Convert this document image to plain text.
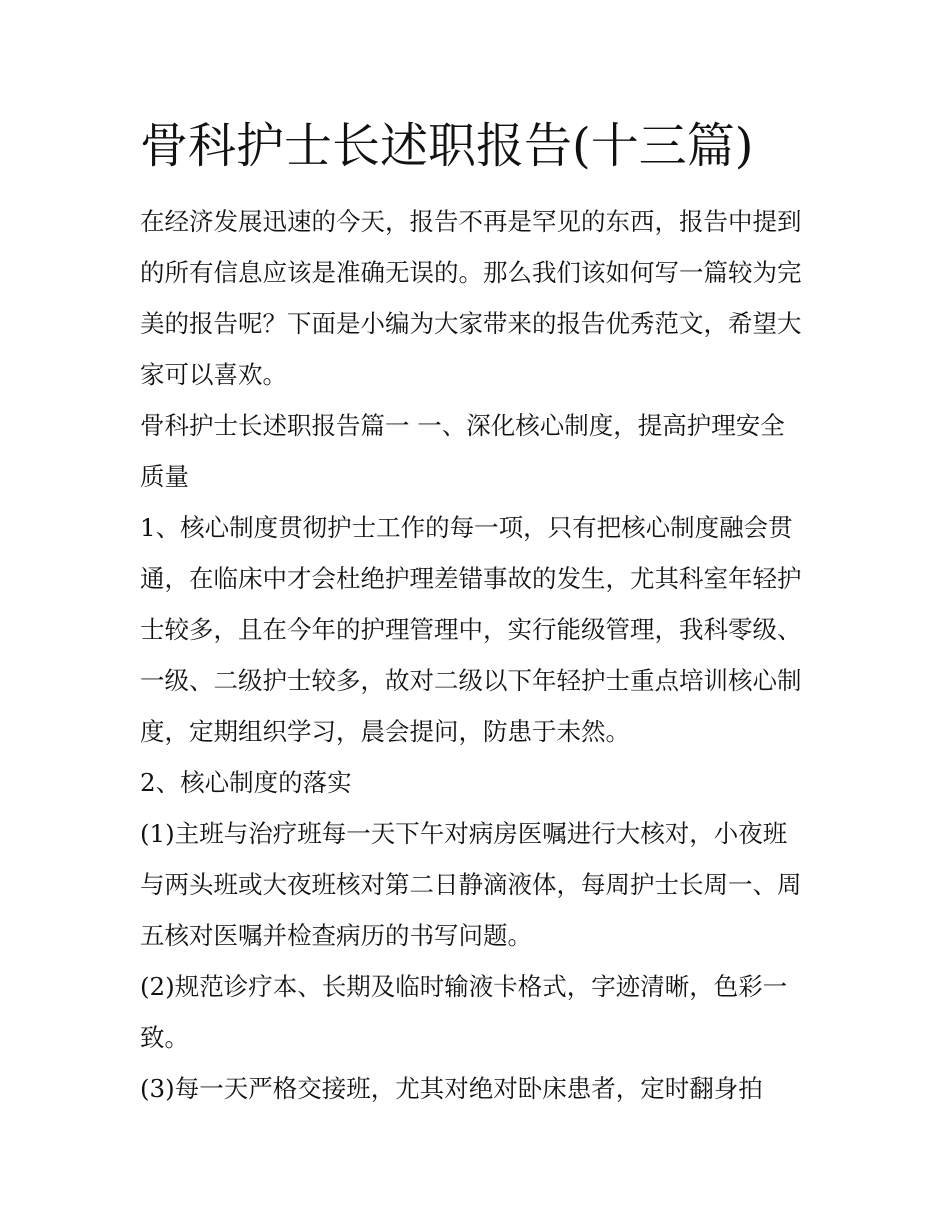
骨科护士长述职报告(十三篇)

在经济发展迅速的今天，报告不再是罕见的东西，报告中提到
的所有信息应该是准确无误的。那么我们该如何写一篇较为完
美的报告呢？下面是小编为大家带来的报告优秀范文，希望大
家可以喜欢。

骨科护士长述职报告篇一 一、深化核心制度，提高护理安全
质量

1、核心制度贯彻护士工作的每一项，只有把核心制度融会贯
通，在临床中才会杜绝护理差错事故的发生，尤其科室年轻护
士较多，且在今年的护理管理中，实行能级管理，我科零级、
一级、二级护士较多，故对二级以下年轻护士重点培训核心制
度，定期组织学习，晨会提问，防患于未然。

2、核心制度的落实

(1)主班与治疗班每一天下午对病房医嘱进行大核对，小夜班
与两头班或大夜班核对第二日静滴液体，每周护士长周一、周
五核对医嘱并检查病历的书写问题。

(2)规范诊疗本、长期及临时输液卡格式，字迹清晰，色彩一
致。

(3)每一天严格交接班，尤其对绝对卧床患者，定时翻身拍
